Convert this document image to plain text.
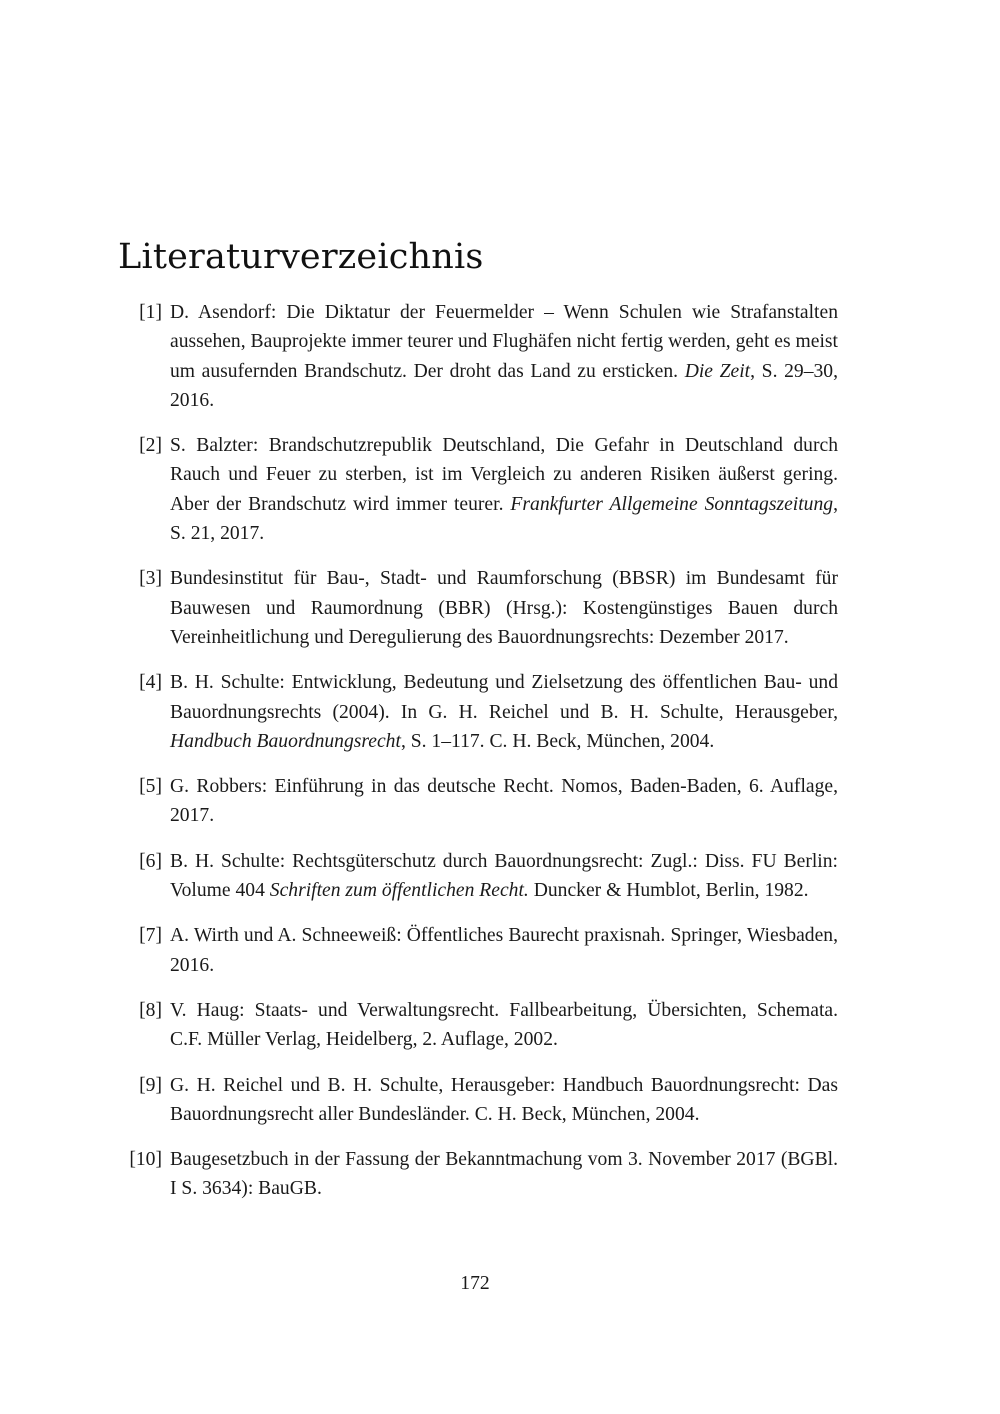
Literaturverzeichnis
[1] D. Asendorf: Die Diktatur der Feuermelder – Wenn Schulen wie Strafanstalten aussehen, Bauprojekte immer teurer und Flughäfen nicht fertig werden, geht es meist um ausufernden Brandschutz. Der droht das Land zu ersticken. Die Zeit, S. 29–30, 2016.
[2] S. Balzter: Brandschutzrepublik Deutschland, Die Gefahr in Deutschland durch Rauch und Feuer zu sterben, ist im Vergleich zu anderen Risiken äußerst gering. Aber der Brandschutz wird immer teurer. Frankfurter Allgemeine Sonntagszeitung, S. 21, 2017.
[3] Bundesinstitut für Bau-, Stadt- und Raumforschung (BBSR) im Bundesamt für Bauwesen und Raumordnung (BBR) (Hrsg.): Kostengünstiges Bauen durch Vereinheitlichung und Deregulierung des Bauordnungsrechts: Dezember 2017.
[4] B. H. Schulte: Entwicklung, Bedeutung und Zielsetzung des öffentlichen Bau- und Bauordnungsrechts (2004). In G. H. Reichel und B. H. Schulte, Herausgeber, Handbuch Bauordnungsrecht, S. 1–117. C. H. Beck, München, 2004.
[5] G. Robbers: Einführung in das deutsche Recht. Nomos, Baden-Baden, 6. Auflage, 2017.
[6] B. H. Schulte: Rechtsgüterschutz durch Bauordnungsrecht: Zugl.: Diss. FU Berlin: Volume 404 Schriften zum öffentlichen Recht. Duncker & Humblot, Berlin, 1982.
[7] A. Wirth und A. Schneeweiß: Öffentliches Baurecht praxisnah. Springer, Wiesbaden, 2016.
[8] V. Haug: Staats- und Verwaltungsrecht. Fallbearbeitung, Übersichten, Schemata. C.F. Müller Verlag, Heidelberg, 2. Auflage, 2002.
[9] G. H. Reichel und B. H. Schulte, Herausgeber: Handbuch Bauordnungsrecht: Das Bauordnungsrecht aller Bundesländer. C. H. Beck, München, 2004.
[10] Baugesetzbuch in der Fassung der Bekanntmachung vom 3. November 2017 (BGBl. I S. 3634): BauGB.
172
